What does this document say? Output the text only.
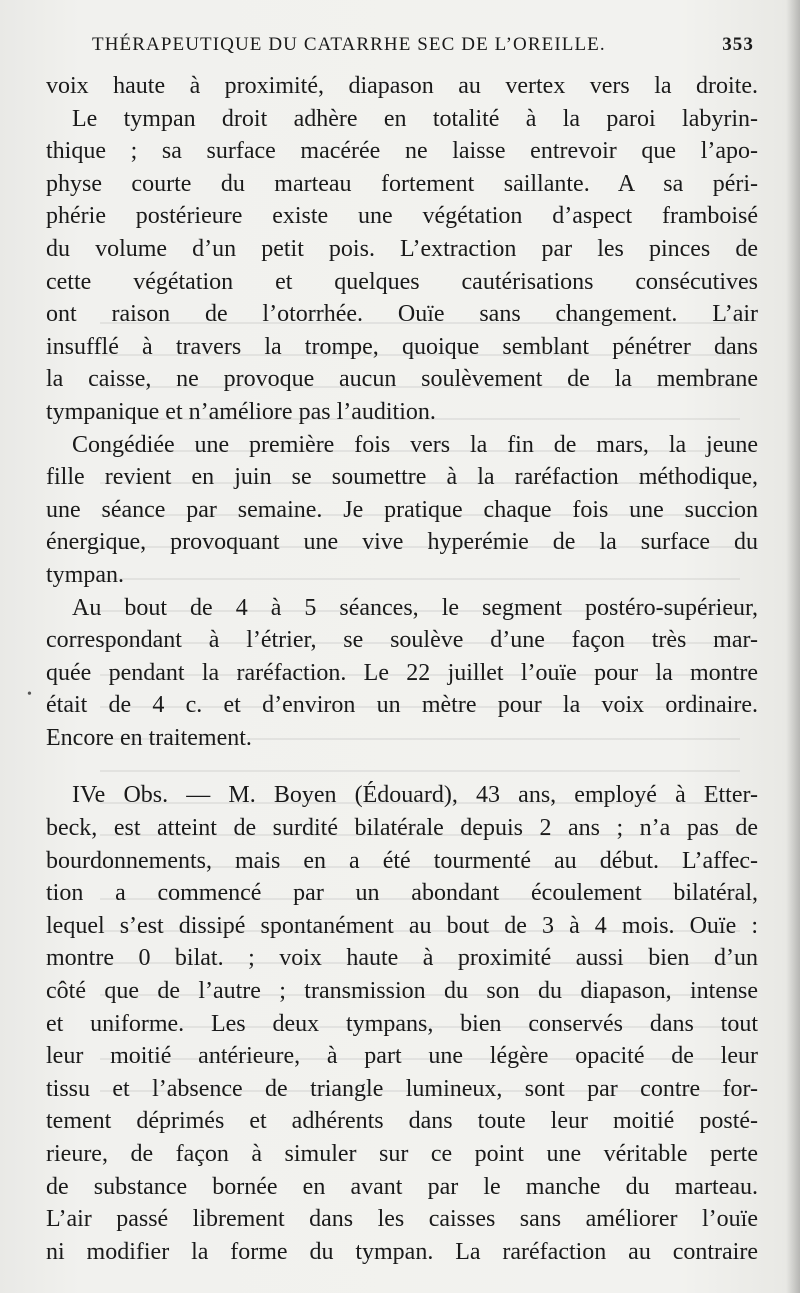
THÉRAPEUTIQUE DU CATARRHE SEC DE L’OREILLE.	353
•
voix haute à proximité, diapason au vertex vers la droite.
Le tympan droit adhère en totalité à la paroi labyrin-
thique ; sa surface macérée ne laisse entrevoir que l’apo-
physe courte du marteau fortement saillante. A sa péri-
phérie postérieure existe une végétation d’aspect framboisé
du volume d’un petit pois. L’extraction par les pinces de
cette végétation et quelques cautérisations consécutives
ont raison de l’otorrhée. Ouïe sans changement. L’air
insufflé à travers la trompe, quoique semblant pénétrer dans
la caisse, ne provoque aucun soulèvement de la membrane
tympanique et n’améliore pas l’audition.
Congédiée une première fois vers la fin de mars, la jeune
fille revient en juin se soumettre à la raréfaction méthodique,
une séance par semaine. Je pratique chaque fois une succion
énergique, provoquant une vive hyperémie de la surface du
tympan.
Au bout de 4 à 5 séances, le segment postéro-supérieur,
correspondant à l’étrier, se soulève d’une façon très mar-
quée pendant la raréfaction. Le 22 juillet l’ouïe pour la montre
était de 4 c. et d’environ un mètre pour la voix ordinaire.
Encore en traitement.
IVe Obs. — M. Boyen (Édouard), 43 ans, employé à Etter-
beck, est atteint de surdité bilatérale depuis 2 ans ; n’a pas de
bourdonnements, mais en a été tourmenté au début. L’affec-
tion a commencé par un abondant écoulement bilatéral,
lequel s’est dissipé spontanément au bout de 3 à 4 mois. Ouïe :
montre 0 bilat. ; voix haute à proximité aussi bien d’un
côté que de l’autre ; transmission du son du diapason, intense
et uniforme. Les deux tympans, bien conservés dans tout
leur moitié antérieure, à part une légère opacité de leur
tissu et l’absence de triangle lumineux, sont par contre for-
tement déprimés et adhérents dans toute leur moitié posté-
rieure, de façon à simuler sur ce point une véritable perte
de substance bornée en avant par le manche du marteau.
L’air passé librement dans les caisses sans améliorer l’ouïe
ni modifier la forme du tympan. La raréfaction au contraire
